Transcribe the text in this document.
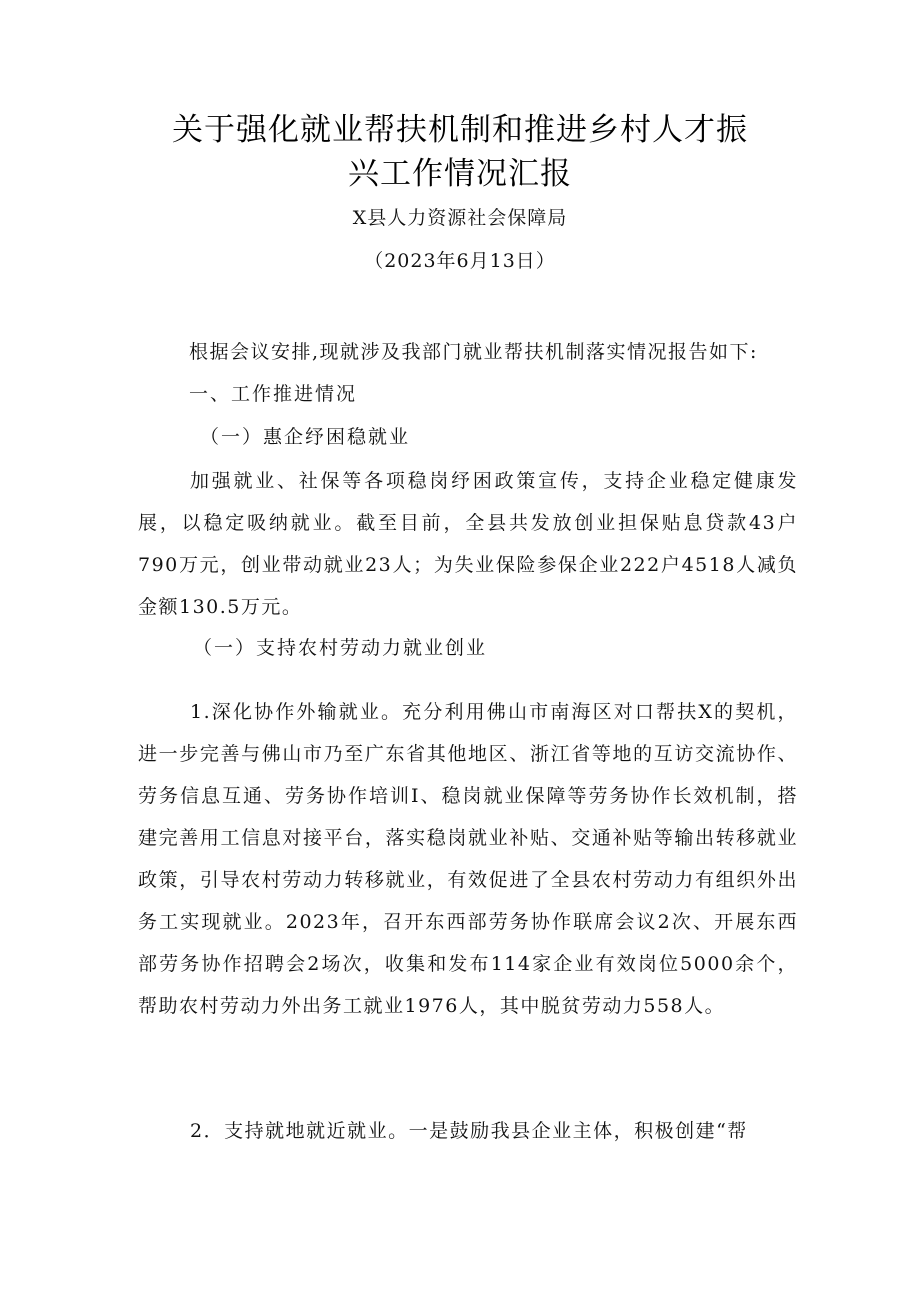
关于强化就业帮扶机制和推进乡村人才振
兴工作情况汇报
X县人力资源社会保障局
（2023年6月13日）
根据会议安排,现就涉及我部门就业帮扶机制落实情况报告如下:
一、工作推进情况
（一）惠企纾困稳就业

加强就业、社保等各项稳岗纾困政策宣传，支持企业稳定健康发展，以稳定吸纳就业。截至目前，全县共发放创业担保贴息贷款43户790万元，创业带动就业23人；为失业保险参保企业222户4518人减负金额130.5万元。

（一）支持农村劳动力就业创业

1.深化协作外输就业。充分利用佛山市南海区对口帮扶X的契机，进一步完善与佛山市乃至广东省其他地区、浙江省等地的互访交流协作、劳务信息互通、劳务协作培训I、稳岗就业保障等劳务协作长效机制，搭建完善用工信息对接平台，落实稳岗就业补贴、交通补贴等输出转移就业政策，引导农村劳动力转移就业，有效促进了全县农村劳动力有组织外出务工实现就业。2023年，召开东西部劳务协作联席会议2次、开展东西部劳务协作招聘会2场次，收集和发布114家企业有效岗位5000余个，帮助农村劳动力外出务工就业1976人，其中脱贫劳动力558人。

2．支持就地就近就业。一是鼓励我县企业主体，积极创建“帮
